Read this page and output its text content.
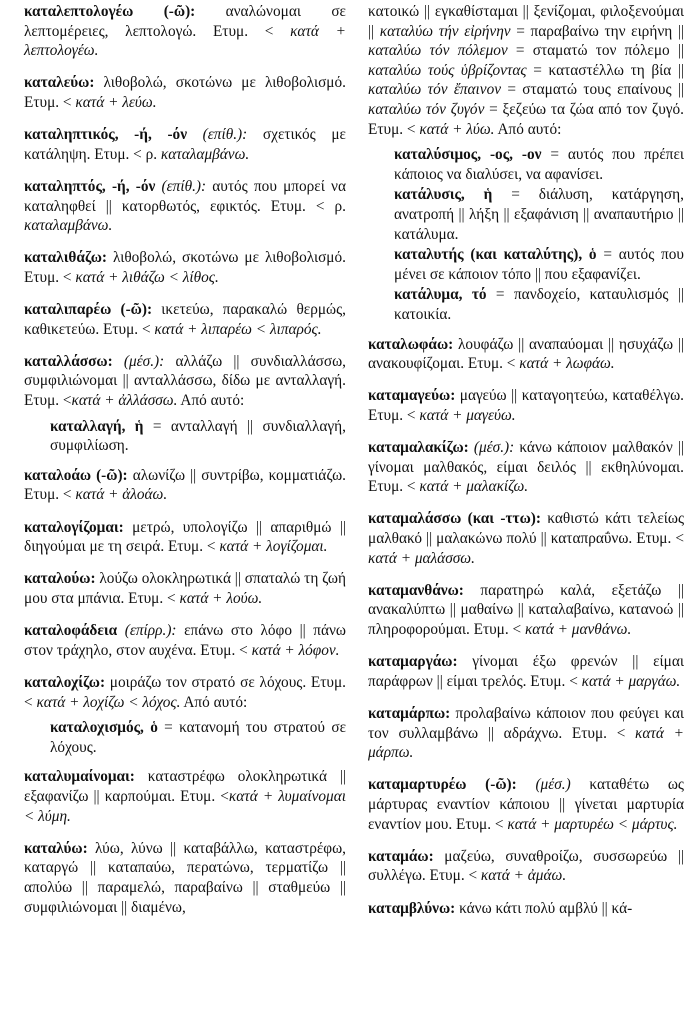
καταλεπτολογέω (-ῶ): αναλώνομαι σε λεπτομέρειες, λεπτολογώ. Ετυμ. < κατά + λεπτολογέω.

καταλεύω: λιθοβολώ, σκοτώνω με λιθοβολισμό. Ετυμ. < κατά + λεύω.

καταληπτικός, -ή, -όν (επίθ.): σχετικός με κατάληψη. Ετυμ. < ρ. καταλαμβάνω.

καταληπτός, -ή, -όν (επίθ.): αυτός που μπορεί να καταληφθεί || κατορθωτός, εφικτός. Ετυμ. < ρ. καταλαμβάνω.

καταλιθάζω: λιθοβολώ, σκοτώνω με λιθοβολισμό. Ετυμ. < κατά + λιθάζω < λίθος.

καταλιπαρέω (-ῶ): ικετεύω, παρακαλώ θερμώς, καθικετεύω. Ετυμ. < κατά + λιπαρέω < λιπαρός.

καταλλάσσω: (μέσ.): αλλάζω || συνδιαλλάσσω, συμφιλιώνομαι || ανταλλάσσω, δίδω με ανταλλαγή. Ετυμ. <κατά + ἀλλάσσω. Από αυτό:

καταλλαγή, ἡ = ανταλλαγή || συνδιαλλαγή, συμφιλίωση.

καταλοάω (-ῶ): αλωνίζω || συντρίβω, κομματιάζω. Ετυμ. < κατά + ἀλοάω.

καταλογίζομαι: μετρώ, υπολογίζω || απαριθμώ || διηγούμαι με τη σειρά. Ετυμ. < κατά + λογίζομαι.

καταλούω: λούζω ολοκληρωτικά || σπαταλώ τη ζωή μου στα μπάνια. Ετυμ. < κατά + λούω.

καταλοφάδεια (επίρρ.): επάνω στο λόφο || πάνω στον τράχηλο, στον αυχένα. Ετυμ. < κατά + λόφον.

καταλοχίζω: μοιράζω τον στρατό σε λόχους. Ετυμ. < κατά + λοχίζω < λόχος. Από αυτό:

καταλοχισμός, ὁ = κατανομή του στρατού σε λόχους.

καταλυμαίνομαι: καταστρέφω ολοκληρωτικά || εξαφανίζω || καρπούμαι. Ετυμ. <κατά + λυμαίνομαι < λύμη.

καταλύω: λύω, λύνω || καταβάλλω, καταστρέφω, καταργώ || καταπαύω, περατώνω, τερματίζω || απολύω || παραμελώ, παραβαίνω || σταθμεύω || συμφιλιώνομαι || διαμένω,

κατοικώ || εγκαθίσταμαι || ξενίζομαι, φιλοξενούμαι || καταλύω τήν εἰρήνην = παραβαίνω την ειρήνη || καταλύω τόν πόλεμον = σταματώ τον πόλεμο || καταλύω τούς ὑβρίζοντας = καταστέλλω τη βία || καταλύω τόν ἔπαινον = σταματώ τους επαίνους || καταλύω τόν ζυγόν = ξεζεύω τα ζώα από τον ζυγό. Ετυμ. < κατά + λύω. Από αυτό:

καταλύσιμος, -ος, -ον = αυτός που πρέπει κάποιος να διαλύσει, να αφανίσει.

κατάλυσις, ἡ = διάλυση, κατάργηση, ανατροπή || λήξη || εξαφάνιση || αναπαυτήριο || κατάλυμα.

καταλυτής (και καταλύτης), ὁ = αυτός που μένει σε κάποιον τόπο || που εξαφανίζει.

κατάλυμα, τό = πανδοχείο, καταυλισμός || κατοικία.

καταλωφάω: λουφάζω || αναπαύομαι || ησυχάζω || ανακουφίζομαι. Ετυμ. < κατά + λωφάω.

καταμαγεύω: μαγεύω || καταγοητεύω, καταθέλγω. Ετυμ. < κατά + μαγεύω.

καταμαλακίζω: (μέσ.): κάνω κάποιον μαλθακόν || γίνομαι μαλθακός, είμαι δειλός || εκθηλύνομαι. Ετυμ. < κατά + μαλακίζω.

καταμαλάσσω (και -ττω): καθιστώ κάτι τελείως μαλθακό || μαλακώνω πολύ || καταπραΰνω. Ετυμ. < κατά + μαλάσσω.

καταμανθάνω: παρατηρώ καλά, εξετάζω || ανακαλύπτω || μαθαίνω || καταλαβαίνω, κατανοώ || πληροφορούμαι. Ετυμ. < κατά + μανθάνω.

καταμαργάω: γίνομαι έξω φρενών || είμαι παράφρων || είμαι τρελός. Ετυμ. < κατά + μαργάω.

καταμάρπω: προλαβαίνω κάποιον που φεύγει και τον συλλαμβάνω || αδράχνω. Ετυμ. < κατά + μάρπω.

καταμαρτυρέω (-ῶ): (μέσ.) καταθέτω ως μάρτυρας εναντίον κάποιου || γίνεται μαρτυρία εναντίον μου. Ετυμ. < κατά + μαρτυρέω < μάρτυς.

καταμάω: μαζεύω, συναθροίζω, συσσωρεύω || συλλέγω. Ετυμ. < κατά + ἀμάω.

καταμβλύνω: κάνω κάτι πολύ αμβλύ || κά-
